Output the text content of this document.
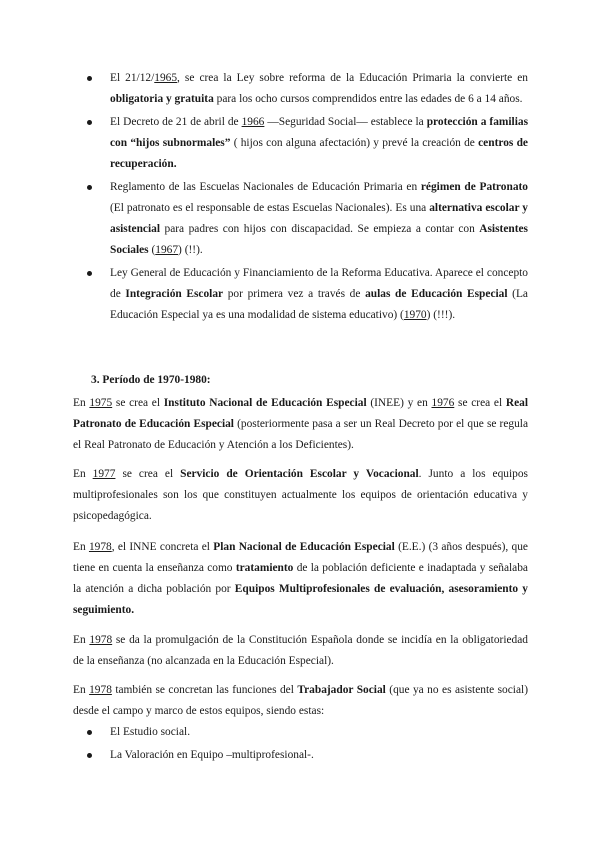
El 21/12/1965, se crea la Ley sobre reforma de la Educación Primaria la convierte en obligatoria y gratuita para los ocho cursos comprendidos entre las edades de 6 a 14 años.
El Decreto de 21 de abril de 1966 —Seguridad Social— establece la protección a familias con “hijos subnormales” ( hijos con alguna afectación) y prevé la creación de centros de recuperación.
Reglamento de las Escuelas Nacionales de Educación Primaria en régimen de Patronato (El patronato es el responsable de estas Escuelas Nacionales). Es una alternativa escolar y asistencial para padres con hijos con discapacidad. Se empieza a contar con Asistentes Sociales (1967) (!!).
Ley General de Educación y Financiamiento de la Reforma Educativa. Aparece el concepto de Integración Escolar por primera vez a través de aulas de Educación Especial (La Educación Especial ya es una modalidad de sistema educativo) (1970) (!!!).
3. Período de 1970-1980:

En 1975 se crea el Instituto Nacional de Educación Especial (INEE) y en 1976 se crea el Real Patronato de Educación Especial (posteriormente pasa a ser un Real Decreto por el que se regula el Real Patronato de Educación y Atención a los Deficientes).

En 1977 se crea el Servicio de Orientación Escolar y Vocacional. Junto a los equipos multiprofesionales son los que constituyen actualmente los equipos de orientación educativa y psicopedagógica.

En 1978, el INNE concreta el Plan Nacional de Educación Especial (E.E.) (3 años después), que tiene en cuenta la enseñanza como tratamiento de la población deficiente e inadaptada y señalaba la atención a dicha población por Equipos Multiprofesionales de evaluación, asesoramiento y seguimiento.

En 1978 se da la promulgación de la Constitución Española donde se incidía en la obligatoriedad de la enseñanza (no alcanzada en la Educación Especial).

En 1978 también se concretan las funciones del Trabajador Social (que ya no es asistente social) desde el campo y marco de estos equipos, siendo estas:

El Estudio social.
La Valoración en Equipo –multiprofesional-.
